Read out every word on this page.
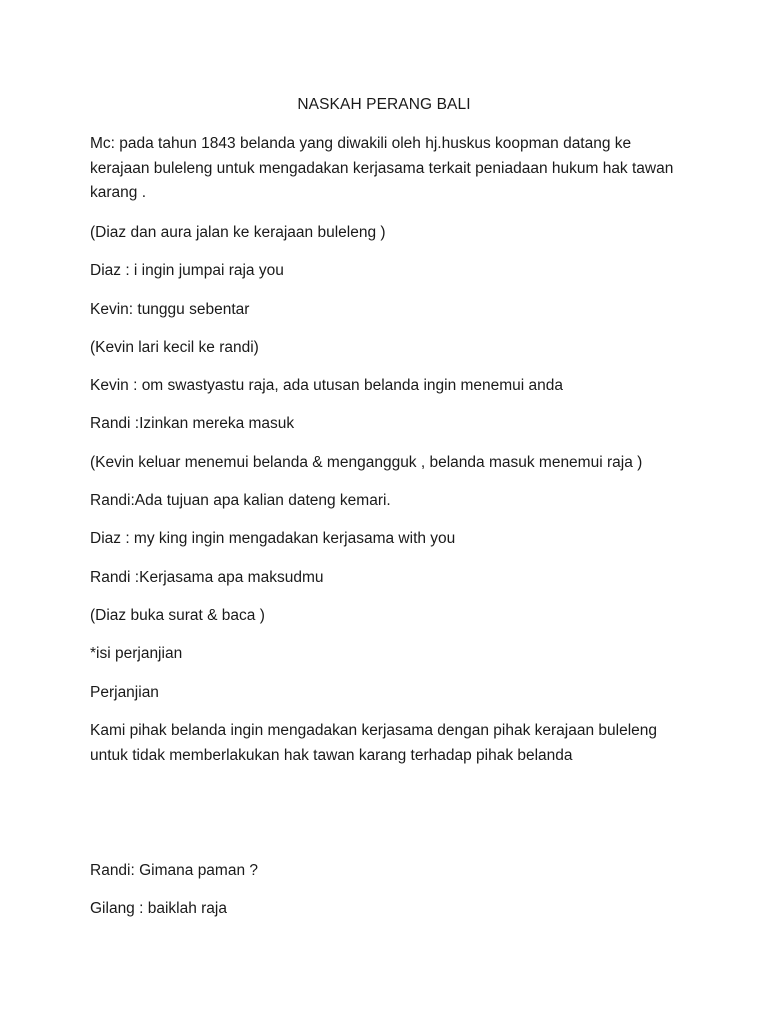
NASKAH PERANG BALI

Mc: pada tahun 1843 belanda yang diwakili oleh hj.huskus koopman datang ke kerajaan buleleng untuk mengadakan kerjasama terkait peniadaan hukum hak tawan karang .

(Diaz dan aura jalan ke kerajaan buleleng )

Diaz : i ingin jumpai raja you

Kevin: tunggu sebentar

(Kevin lari kecil ke randi)

Kevin : om swastyastu raja, ada utusan belanda ingin menemui anda

Randi :Izinkan mereka masuk

(Kevin keluar menemui belanda & mengangguk , belanda masuk menemui raja )

Randi:Ada tujuan apa kalian dateng kemari.

Diaz : my king ingin mengadakan kerjasama with you

Randi :Kerjasama apa maksudmu

(Diaz buka surat & baca )

*isi perjanjian

Perjanjian

Kami pihak belanda ingin mengadakan kerjasama dengan pihak kerajaan buleleng untuk tidak memberlakukan hak tawan karang terhadap pihak belanda

Randi: Gimana paman ?

Gilang : baiklah raja
